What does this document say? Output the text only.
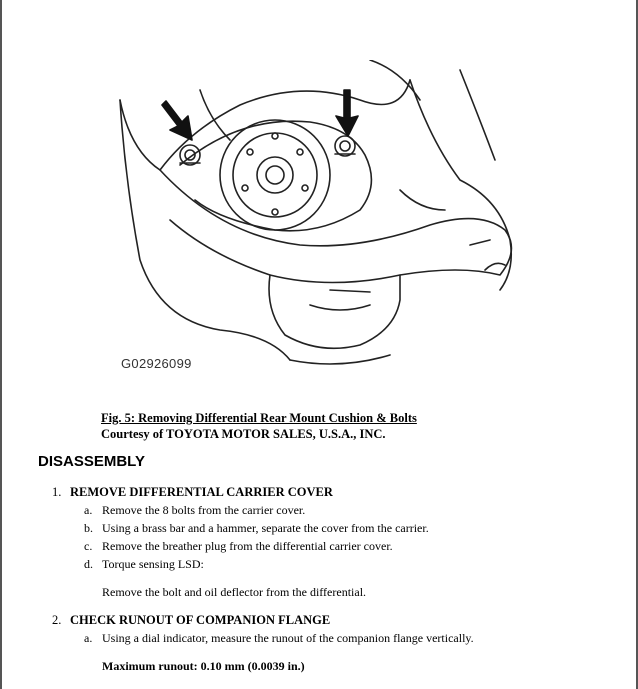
G02926099
Fig. 5: Removing Differential Rear Mount Cushion & Bolts
Courtesy of TOYOTA MOTOR SALES, U.S.A., INC.
DISASSEMBLY
1. REMOVE DIFFERENTIAL CARRIER COVER
a. Remove the 8 bolts from the carrier cover.
b. Using a brass bar and a hammer, separate the cover from the carrier.
c. Remove the breather plug from the differential carrier cover.
d. Torque sensing LSD:
Remove the bolt and oil deflector from the differential.
2. CHECK RUNOUT OF COMPANION FLANGE
a. Using a dial indicator, measure the runout of the companion flange vertically.
Maximum runout: 0.10 mm (0.0039 in.)
